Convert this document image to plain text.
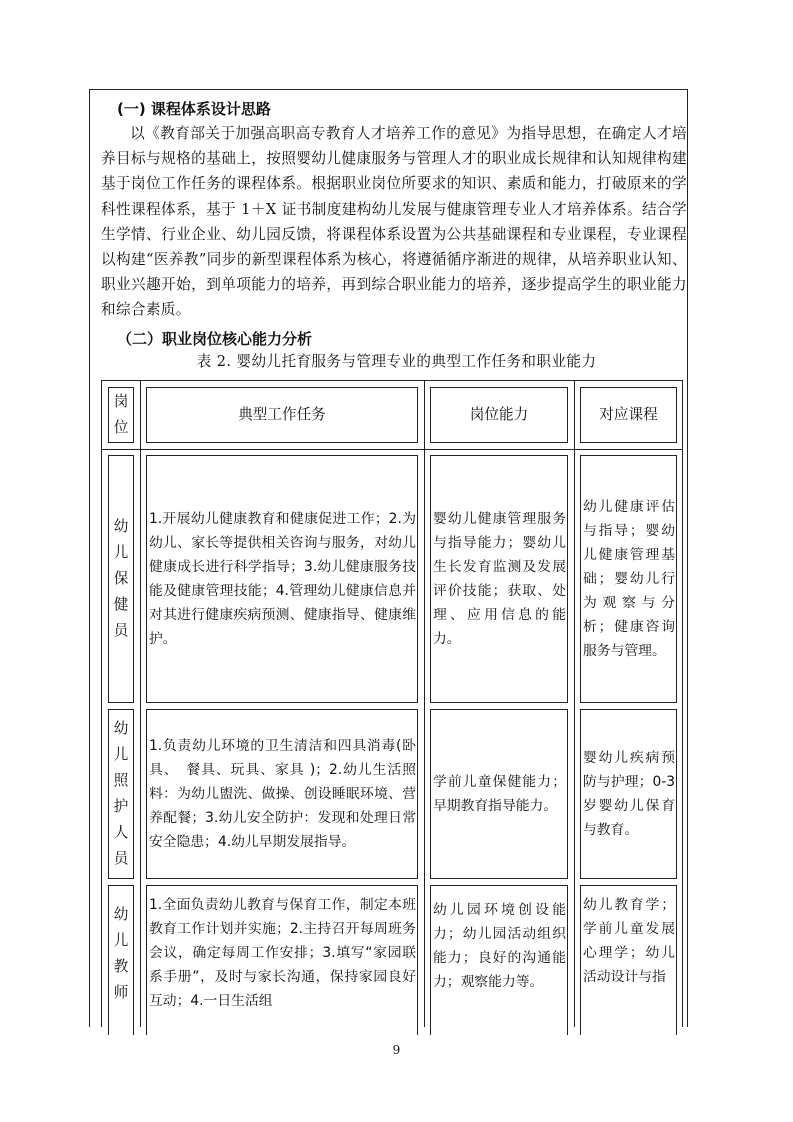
(一) 课程体系设计思路
以《教育部关于加强高职高专教育人才培养工作的意见》为指导思想，在确定人才培养目标与规格的基础上，按照婴幼儿健康服务与管理人才的职业成长规律和认知规律构建基于岗位工作任务的课程体系。根据职业岗位所要求的知识、素质和能力，打破原来的学科性课程体系，基于 1＋X 证书制度建构幼儿发展与健康管理专业人才培养体系。结合学生学情、行业企业、幼儿园反馈，将课程体系设置为公共基础课程和专业课程，专业课程以构建“医养教”同步的新型课程体系为核心，将遵循循序渐进的规律，从培养职业认知、职业兴趣开始，到单项能力的培养，再到综合职业能力的培养，逐步提高学生的职业能力和综合素质。
（二）职业岗位核心能力分析
表 2. 婴幼儿托育服务与管理专业的典型工作任务和职业能力
岗位
典型工作任务	岗位能力	对应课程
幼儿保健员
1.开展幼儿健康教育和健康促进工作；2.为幼儿、家长等提供相关咨询与服务，对幼儿健康成长进行科学指导；3.幼儿健康服务技能及健康管理技能；4.管理幼儿健康信息并对其进行健康疾病预测、健康指导、健康维护。
婴幼儿健康管理服务与指导能力；婴幼儿生长发育监测及发展评价技能；获取、处理、应用信息的能力。
幼儿健康评估与指导；婴幼儿健康管理基础；婴幼儿行为观察与分析；健康咨询服务与管理。
幼儿照护人员
1.负责幼儿环境的卫生清洁和四具消毒(卧具、　餐具、玩具、家具 )；2.幼儿生活照料：为幼儿盥洗、做操、创设睡眠环境、营养配餐；3.幼儿安全防护：发现和处理日常安全隐患；4.幼儿早期发展指导。
学前儿童保健能力；早期教育指导能力。
婴幼儿疾病预防与护理；0-3 岁婴幼儿保育与教育。
幼儿教师
1.全面负责幼儿教育与保育工作，制定本班教育工作计划并实施；2.主持召开每周班务会议，确定每周工作安排；3.填写“家园联系手册”，及时与家长沟通，保持家园良好互动；4.一日生活组
幼儿园环境创设能力；幼儿园活动组织能力；良好的沟通能力；观察能力等。
幼儿教育学；学前儿童发展心理学；幼儿活动设计与指
9
